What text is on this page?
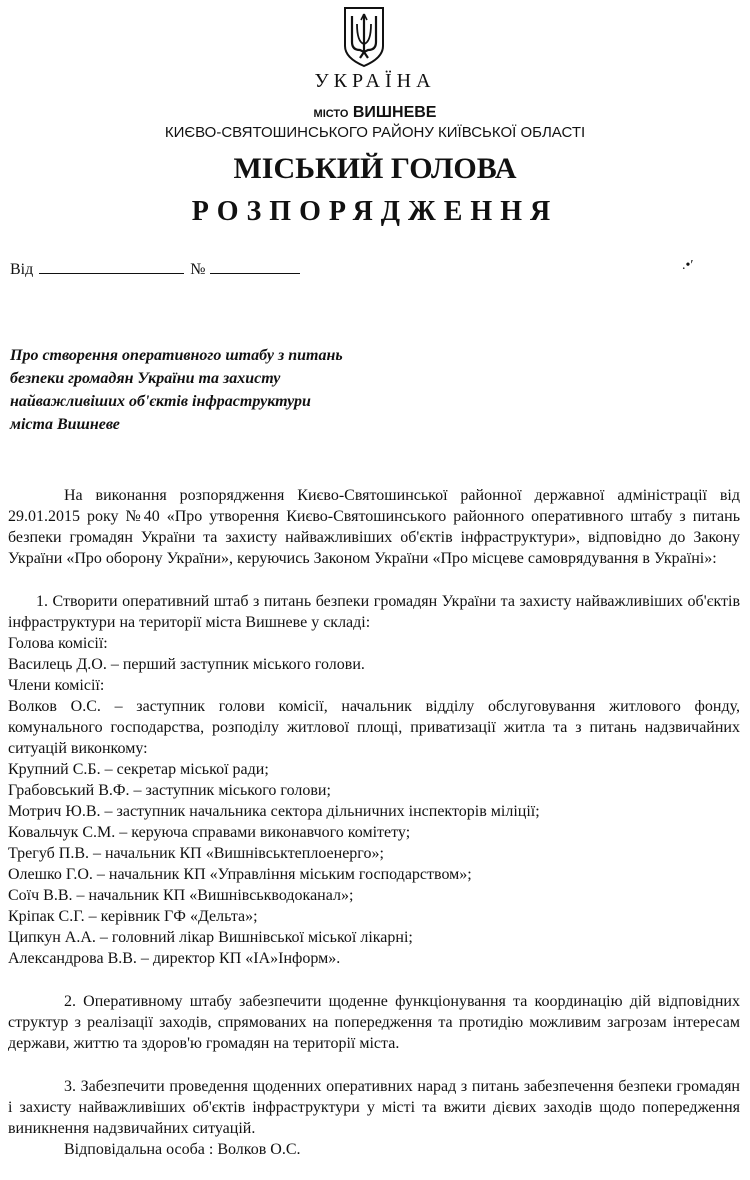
УКРАЇНА
МІСТО ВИШНЕВЕ
КИЄВО-СВЯТОШИНСЬКОГО РАЙОНУ КИЇВСЬКОЇ ОБЛАСТІ
МІСЬКИЙ ГОЛОВА
РОЗПОРЯДЖЕННЯ
Від	№	.•′
Про створення оперативного штабу з питань безпеки громадян України та захисту найважливіших об'єктів інфраструктури міста Вишневе

На виконання розпорядження Києво-Святошинської районної державної адміністрації від 29.01.2015 року №40 «Про утворення Києво-Святошинського районного оперативного штабу з питань безпеки громадян України та захисту найважливіших об'єктів інфраструктури», відповідно до Закону України «Про оборону України», керуючись Законом України «Про місцеве самоврядування в Україні»:

1. Створити оперативний штаб з питань безпеки громадян України та захисту найважливіших об'єктів інфраструктури на території міста Вишневе у складі:

Голова комісії:
Василець Д.О. – перший заступник міського голови.
Члени комісії:

Волков О.С. – заступник голови комісії, начальник відділу обслуговування житлового фонду, комунального господарства, розподілу житлової площі, приватизації житла та з питань надзвичайних ситуацій виконкому:

Крупний С.Б. – секретар міської ради;
Грабовський В.Ф. – заступник міського голови;
Мотрич Ю.В. – заступник начальника сектора дільничних інспекторів міліції;
Ковальчук С.М. – керуюча справами виконавчого комітету;
Трегуб П.В. – начальник КП «Вишнівськтеплоенерго»;
Олешко Г.О. – начальник КП «Управління міським господарством»;
Соїч В.В. – начальник КП «Вишнівськводоканал»;
Кріпак С.Г. – керівник ГФ «Дельта»;
Ципкун А.А. – головний лікар Вишнівської міської лікарні;
Александрова В.В. – директор КП «ІА»Інформ».

2. Оперативному штабу забезпечити щоденне функціонування та координацію дій відповідних структур з реалізації заходів, спрямованих на попередження та протидію можливим загрозам інтересам держави, життю та здоров'ю громадян на території міста.

3. Забезпечити проведення щоденних оперативних нарад з питань забезпечення безпеки громадян і захисту найважливіших об'єктів інфраструктури у місті та вжити дієвих заходів щодо попередження виникнення надзвичайних ситуацій.

Відповідальна особа : Волков О.С.
